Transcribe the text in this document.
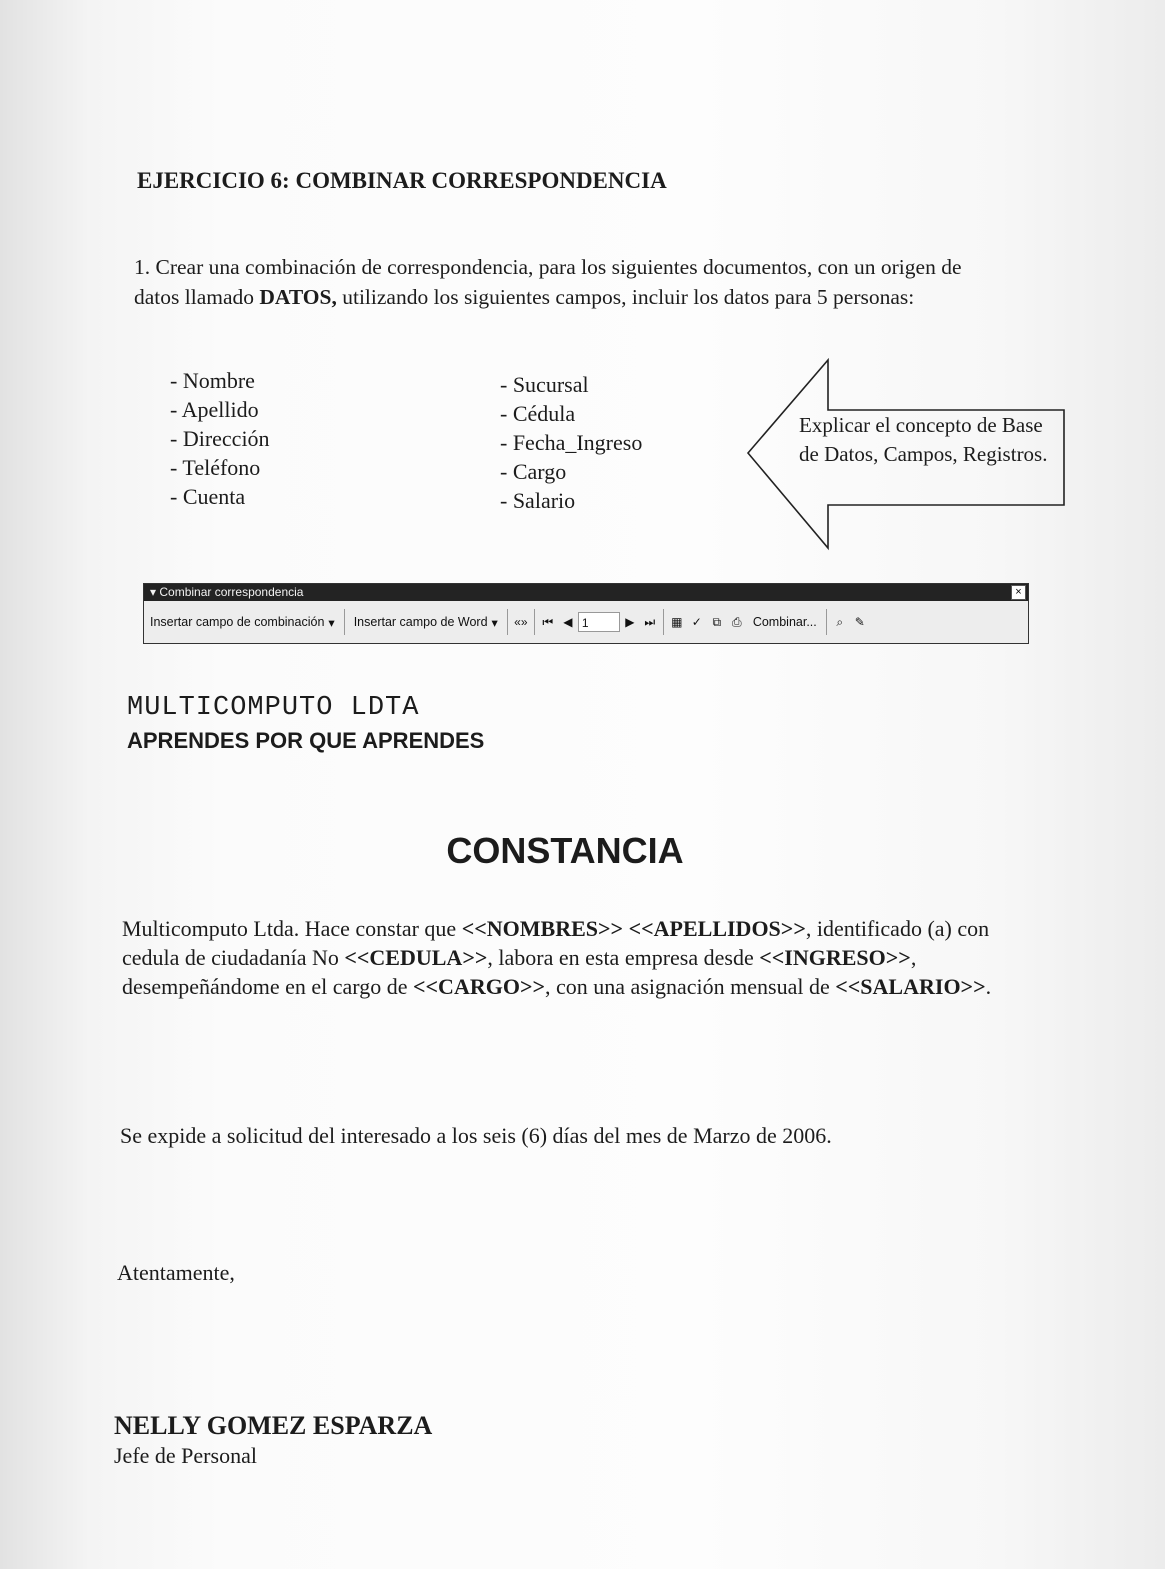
EJERCICIO 6: COMBINAR CORRESPONDENCIA
1. Crear una combinación de correspondencia, para los siguientes documentos, con un origen de datos llamado DATOS, utilizando los siguientes campos, incluir los datos para 5 personas:
- Nombre
- Apellido
- Dirección
- Teléfono
- Cuenta
- Sucursal
- Cédula
- Fecha_Ingreso
- Cargo
- Salario
Explicar el concepto de Base de Datos, Campos, Registros.
▾ Combinar correspondencia	×
Insertar campo de combinación ▾ Insertar campo de Word ▾ «»	⏮ ◀ 1	▶ ⏭	▦ ✓ ⧉ ⎙ Combinar...	⌕ ✎
MULTICOMPUTO LDTA
APRENDES POR QUE APRENDES
CONSTANCIA
Multicomputo Ltda. Hace constar que <<NOMBRES>> <<APELLIDOS>>, identificado (a) con cedula de ciudadanía No <<CEDULA>>, labora en esta empresa desde <<INGRESO>>, desempeñándome en el cargo de <<CARGO>>, con una asignación mensual de <<SALARIO>>.
Se expide a solicitud del interesado a los seis (6) días del mes de Marzo de 2006.
Atentamente,
NELLY GOMEZ ESPARZA
Jefe de Personal
